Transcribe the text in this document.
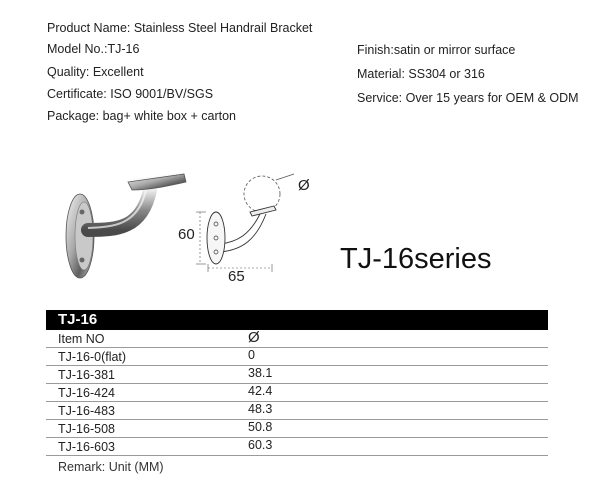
Product Name: Stainless Steel Handrail Bracket
Model No.:TJ-16
Quality: Excellent
Certificate: ISO 9001/BV/SGS
Package: bag+ white box + carton
Finish:satin or mirror surface
Material: SS304 or 316
Service: Over 15 years for OEM & ODM
Ø
60
65
TJ-16series
TJ-16
Item NO	Ø
TJ-16-0(flat)	0
TJ-16-381	38.1
TJ-16-424	42.4
TJ-16-483	48.3
TJ-16-508	50.8
TJ-16-603	60.3
Remark: Unit (MM)
